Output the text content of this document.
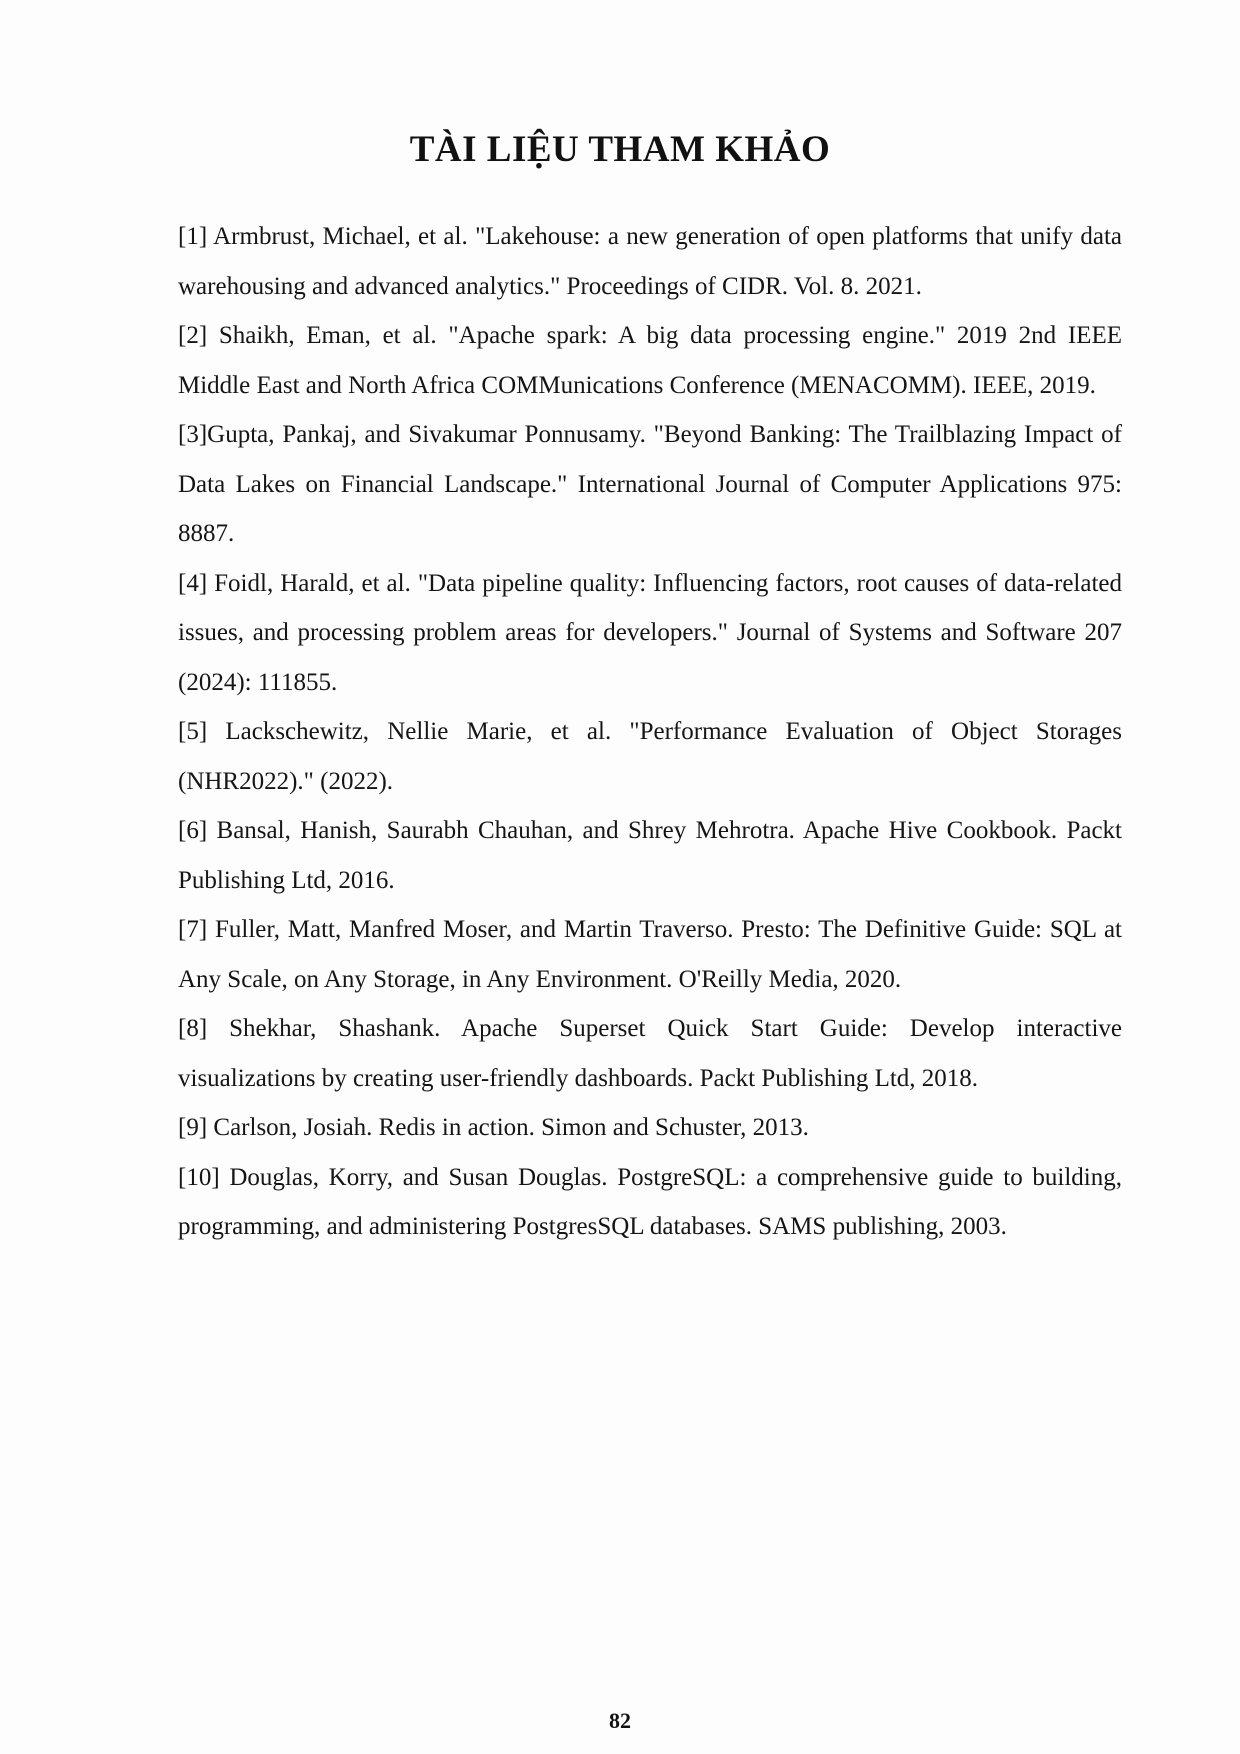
TÀI LIỆU THAM KHẢO

[1] Armbrust, Michael, et al. "Lakehouse: a new generation of open platforms that unify data warehousing and advanced analytics." Proceedings of CIDR. Vol. 8. 2021.

[2] Shaikh, Eman, et al. "Apache spark: A big data processing engine." 2019 2nd IEEE Middle East and North Africa COMMunications Conference (MENACOMM). IEEE, 2019.

[3]Gupta, Pankaj, and Sivakumar Ponnusamy. "Beyond Banking: The Trailblazing Impact of Data Lakes on Financial Landscape." International Journal of Computer Applications 975: 8887.

[4] Foidl, Harald, et al. "Data pipeline quality: Influencing factors, root causes of data-related issues, and processing problem areas for developers." Journal of Systems and Software 207 (2024): 111855.

[5] Lackschewitz, Nellie Marie, et al. "Performance Evaluation of Object Storages (NHR2022)." (2022).

[6] Bansal, Hanish, Saurabh Chauhan, and Shrey Mehrotra. Apache Hive Cookbook. Packt Publishing Ltd, 2016.

[7] Fuller, Matt, Manfred Moser, and Martin Traverso. Presto: The Definitive Guide: SQL at Any Scale, on Any Storage, in Any Environment. O'Reilly Media, 2020.

[8] Shekhar, Shashank. Apache Superset Quick Start Guide: Develop interactive visualizations by creating user-friendly dashboards. Packt Publishing Ltd, 2018.

[9] Carlson, Josiah. Redis in action. Simon and Schuster, 2013.

[10] Douglas, Korry, and Susan Douglas. PostgreSQL: a comprehensive guide to building, programming, and administering PostgresSQL databases. SAMS publishing, 2003.

82
